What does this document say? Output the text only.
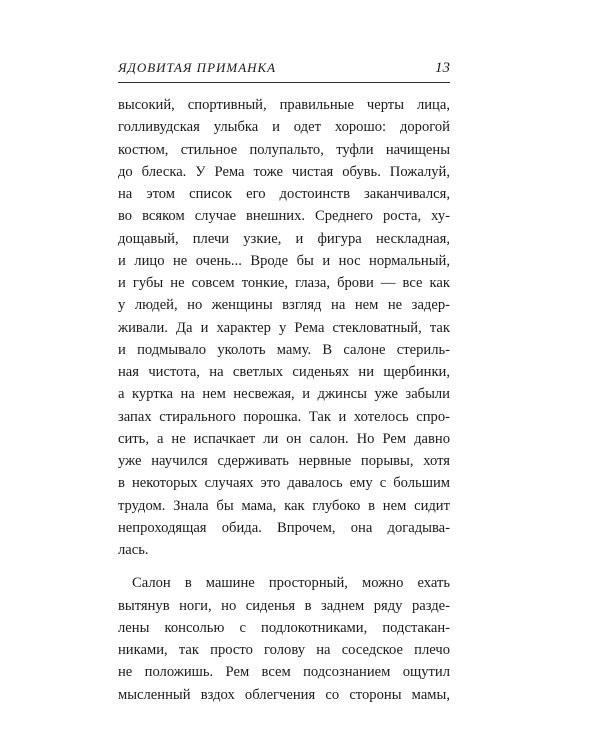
ЯДОВИТАЯ ПРИМАНКА	13
высокий, спортивный, правильные черты лица,
голливудская улыбка и одет хорошо: дорогой
костюм, стильное полупальто, туфли начищены
до блеска. У Рема тоже чистая обувь. Пожалуй,
на этом список его достоинств заканчивался,
во всяком случае внешних. Среднего роста, ху-
дощавый, плечи узкие, и фигура нескладная,
и лицо не очень... Вроде бы и нос нормальный,
и губы не совсем тонкие, глаза, брови — все как
у людей, но женщины взгляд на нем не задер-
живали. Да и характер у Рема стекловатный, так
и подмывало уколоть маму. В салоне стериль-
ная чистота, на светлых сиденьях ни щербинки,
а куртка на нем несвежая, и джинсы уже забыли
запах стирального порошка. Так и хотелось спро-
сить, а не испачкает ли он салон. Но Рем давно
уже научился сдерживать нервные порывы, хотя
в некоторых случаях это давалось ему с большим
трудом. Знала бы мама, как глубоко в нем сидит
непроходящая обида. Впрочем, она догадыва-
лась.
Салон в машине просторный, можно ехать
вытянув ноги, но сиденья в заднем ряду разде-
лены консолью с подлокотниками, подстакан-
никами, так просто голову на соседское плечо
не положишь. Рем всем подсознанием ощутил
мысленный вздох облегчения со стороны мамы,
